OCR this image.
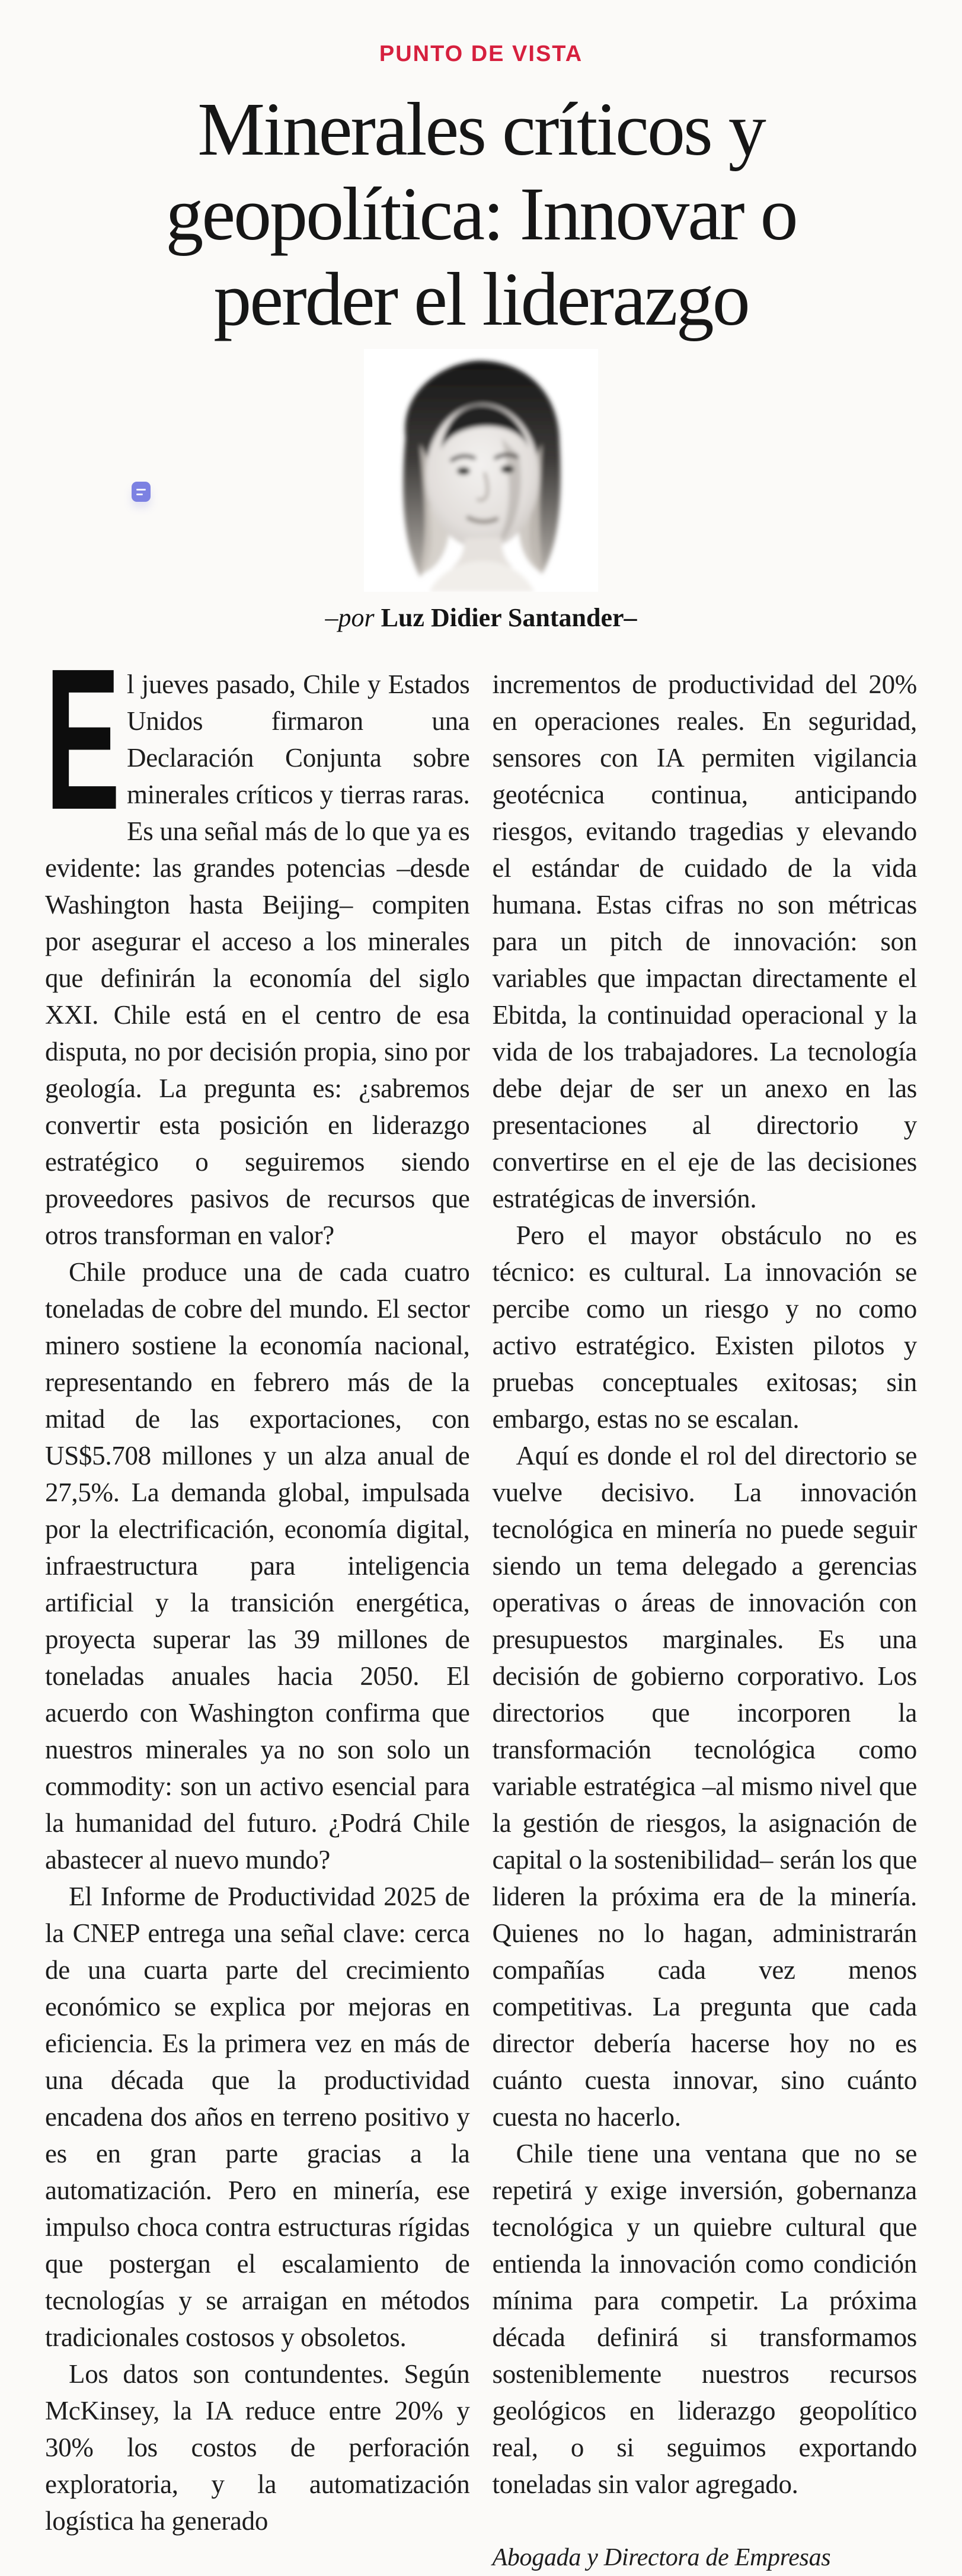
PUNTO DE VISTA
Minerales críticos y
geopolítica: Innovar o
perder el liderazgo
–por Luz Didier Santander–

E l jueves pasado, Chile y Estados Unidos firmaron una Declaración Conjunta sobre minerales críticos y tierras raras. Es una señal más de lo que ya es evidente: las grandes potencias –desde Washington hasta Beijing– compiten por asegurar el acceso a los minerales que definirán la economía del siglo XXI. Chile está en el centro de esa disputa, no por decisión propia, sino por geología. La pregunta es: ¿sabremos convertir esta posición en liderazgo estratégico o seguiremos siendo proveedores pasivos de recursos que otros transforman en valor?

Chile produce una de cada cuatro toneladas de cobre del mundo. El sector minero sostiene la economía nacional, representando en febrero más de la mitad de las exportaciones, con US$5.708 millones y un alza anual de 27,5%. La demanda global, impulsada por la electrificación, economía digital, infraestructura para inteligencia artificial y la transición energética, proyecta superar las 39 millones de toneladas anuales hacia 2050. El acuerdo con Washington confirma que nuestros minerales ya no son solo un commodity: son un activo esencial para la humanidad del futuro. ¿Podrá Chile abastecer al nuevo mundo?

El Informe de Productividad 2025 de la CNEP entrega una señal clave: cerca de una cuarta parte del crecimiento económico se explica por mejoras en eficiencia. Es la primera vez en más de una década que la productividad encadena dos años en terreno positivo y es en gran parte gracias a la automatización. Pero en minería, ese impulso choca contra estructuras rígidas que postergan el escalamiento de tecnologías y se arraigan en métodos tradicionales costosos y obsoletos.

Los datos son contundentes. Según McKinsey, la IA reduce entre 20% y 30% los costos de perforación exploratoria, y la automatización logística ha generado

incrementos de productividad del 20% en operaciones reales. En seguridad, sensores con IA permiten vigilancia geotécnica continua, anticipando riesgos, evitando tragedias y elevando el estándar de cuidado de la vida humana. Estas cifras no son métricas para un pitch de innovación: son variables que impactan directamente el Ebitda, la continuidad operacional y la vida de los trabajadores. La tecnología debe dejar de ser un anexo en las presentaciones al directorio y convertirse en el eje de las decisiones estratégicas de inversión.

Pero el mayor obstáculo no es técnico: es cultural. La innovación se percibe como un riesgo y no como activo estratégico. Existen pilotos y pruebas conceptuales exitosas; sin embargo, estas no se escalan.

Aquí es donde el rol del directorio se vuelve decisivo. La innovación tecnológica en minería no puede seguir siendo un tema delegado a gerencias operativas o áreas de innovación con presupuestos marginales. Es una decisión de gobierno corporativo. Los directorios que incorporen la transformación tecnológica como variable estratégica –al mismo nivel que la gestión de riesgos, la asignación de capital o la sostenibilidad– serán los que lideren la próxima era de la minería. Quienes no lo hagan, administrarán compañías cada vez menos competitivas. La pregunta que cada director debería hacerse hoy no es cuánto cuesta innovar, sino cuánto cuesta no hacerlo.

Chile tiene una ventana que no se repetirá y exige inversión, gobernanza tecnológica y un quiebre cultural que entienda la innovación como condición mínima para competir. La próxima década definirá si transformamos sosteniblemente nuestros recursos geológicos en liderazgo geopolítico real, o si seguimos exportando toneladas sin valor agregado.

Abogada y Directora de Empresas
